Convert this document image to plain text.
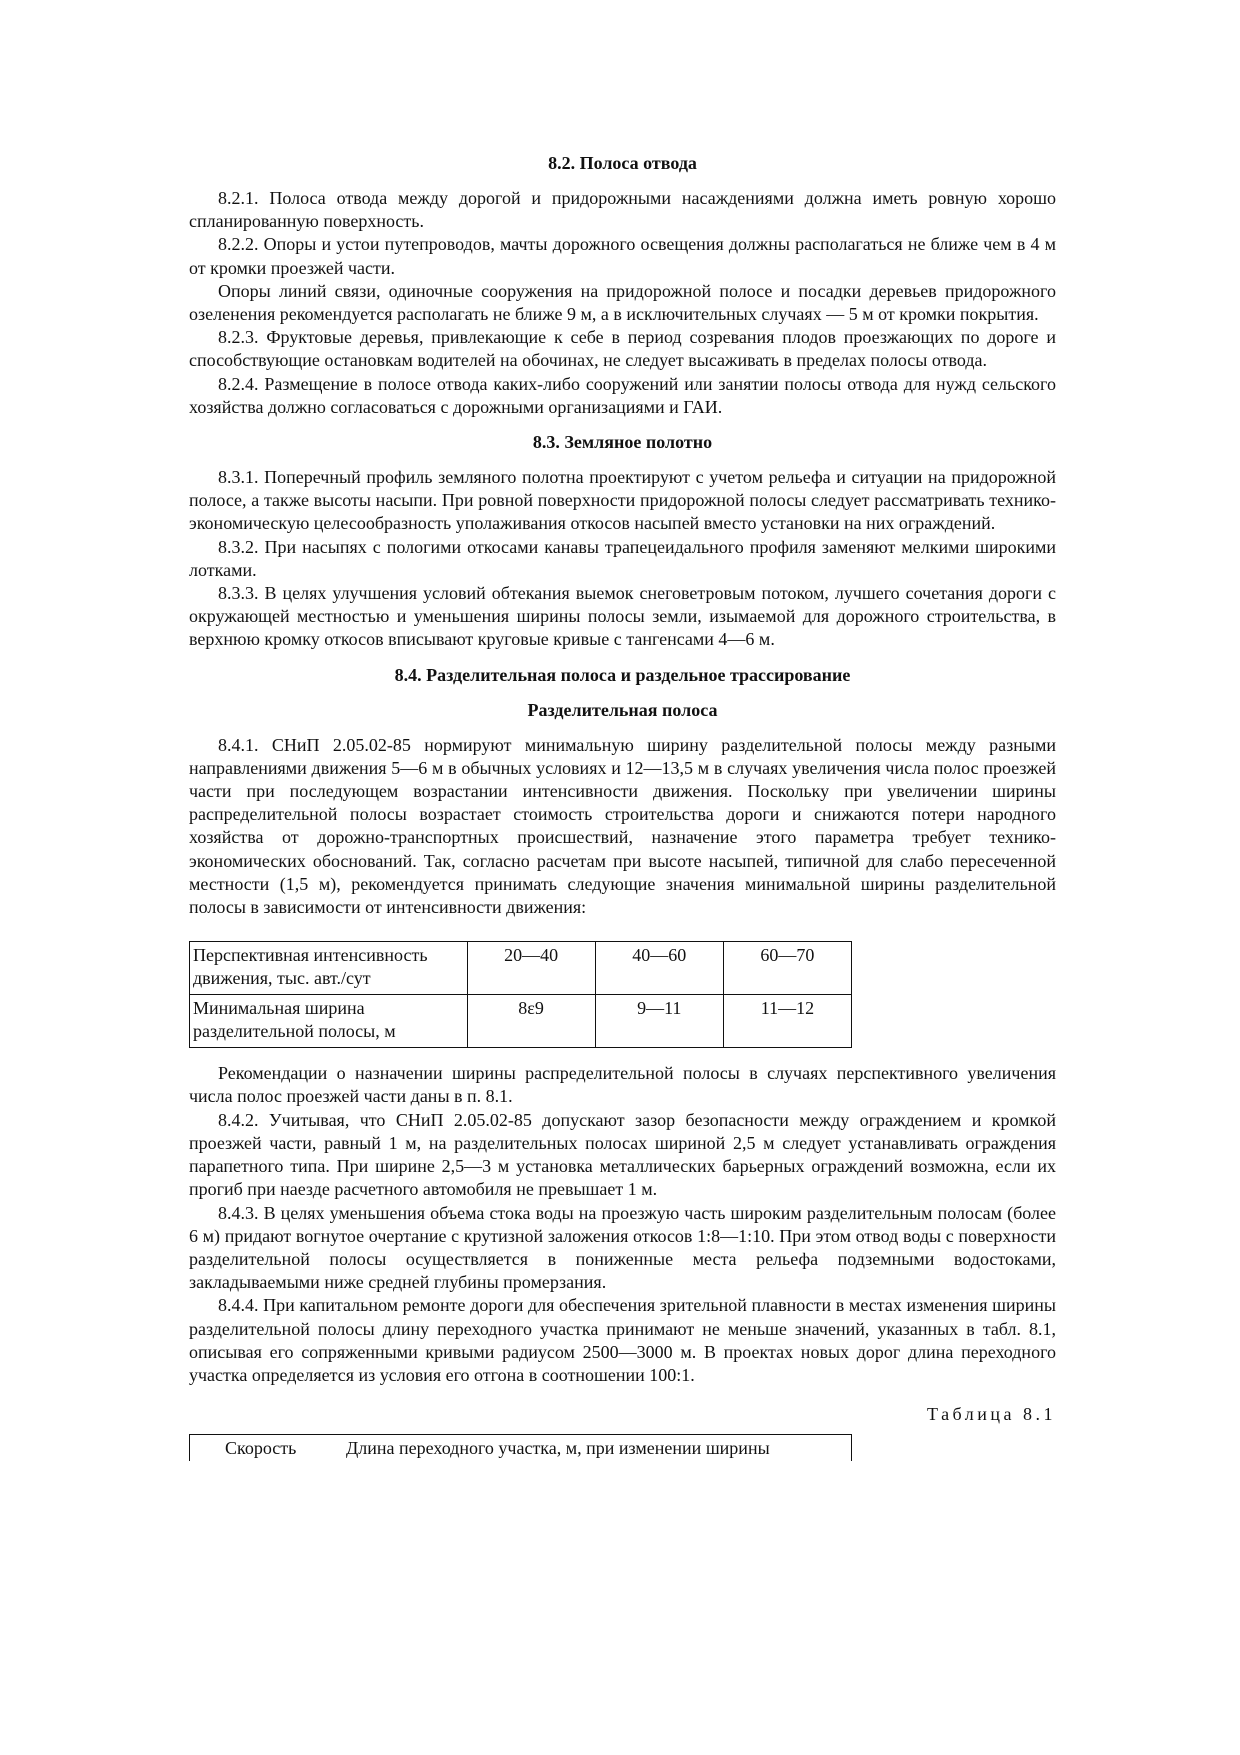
8.2. Полоса отвода

8.2.1. Полоса отвода между дорогой и придорожными насаждениями должна иметь ровную хорошо спланированную поверхность.

8.2.2. Опоры и устои путепроводов, мачты дорожного освещения должны располагаться не ближе чем в 4 м от кромки проезжей части.

Опоры линий связи, одиночные сооружения на придорожной полосе и посадки деревьев придорожного озеленения рекомендуется располагать не ближе 9 м, а в исключительных случаях — 5 м от кромки покрытия.

8.2.3. Фруктовые деревья, привлекающие к себе в период созревания плодов проезжающих по дороге и способствующие остановкам водителей на обочинах, не следует высаживать в пределах полосы отвода.

8.2.4. Размещение в полосе отвода каких-либо сооружений или занятии полосы отвода для нужд сельского хозяйства должно согласоваться с дорожными организациями и ГАИ.

8.3. Земляное полотно

8.3.1. Поперечный профиль земляного полотна проектируют с учетом рельефа и ситуации на придорожной полосе, а также высоты насыпи. При ровной поверхности придорожной полосы следует рассматривать технико-экономическую целесообразность уполаживания откосов насыпей вместо установки на них ограждений.

8.3.2. При насыпях с пологими откосами канавы трапецеидального профиля заменяют мелкими широкими лотками.

8.3.3. В целях улучшения условий обтекания выемок снеговетровым потоком, лучшего сочетания дороги с окружающей местностью и уменьшения ширины полосы земли, изымаемой для дорожного строительства, в верхнюю кромку откосов вписывают круговые кривые с тангенсами 4—6 м.

8.4. Разделительная полоса и раздельное трассирование
Разделительная полоса

8.4.1. СНиП 2.05.02-85 нормируют минимальную ширину разделительной полосы между разными направлениями движения 5—6 м в обычных условиях и 12—13,5 м в случаях увеличения числа полос проезжей части при последующем возрастании интенсивности движения. Поскольку при увеличении ширины распределительной полосы возрастает стоимость строительства дороги и снижаются потери народного хозяйства от дорожно-транспортных происшествий, назначение этого параметра требует технико-экономических обоснований. Так, согласно расчетам при высоте насыпей, типичной для слабо пересеченной местности (1,5 м), рекомендуется принимать следующие значения минимальной ширины разделительной полосы в зависимости от интенсивности движения:

Перспективная интенсивность движения, тыс. авт./сут	20—40	40—60	60—70
Минимальная ширина разделительной полосы, м	8ε9	9—11	11—12

Рекомендации о назначении ширины распределительной полосы в случаях перспективного увеличения числа полос проезжей части даны в п. 8.1.

8.4.2. Учитывая, что СНиП 2.05.02-85 допускают зазор безопасности между ограждением и кромкой проезжей части, равный 1 м, на разделительных полосах шириной 2,5 м следует устанавливать ограждения парапетного типа. При ширине 2,5—3 м установка металлических барьерных ограждений возможна, если их прогиб при наезде расчетного автомобиля не превышает 1 м.

8.4.3. В целях уменьшения объема стока воды на проезжую часть широким разделительным полосам (более 6 м) придают вогнутое очертание с крутизной заложения откосов 1:8—1:10. При этом отвод воды с поверхности разделительной полосы осуществляется в пониженные места рельефа подземными водостоками, закладываемыми ниже средней глубины промерзания.

8.4.4. При капитальном ремонте дороги для обеспечения зрительной плавности в местах изменения ширины разделительной полосы длину переходного участка принимают не меньше значений, указанных в табл. 8.1, описывая его сопряженными кривыми радиусом 2500—3000 м. В проектах новых дорог длина переходного участка определяется из условия его отгона в соотношении 100:1.

Таблица 8.1
Скорость	Длина переходного участка, м, при изменении ширины
